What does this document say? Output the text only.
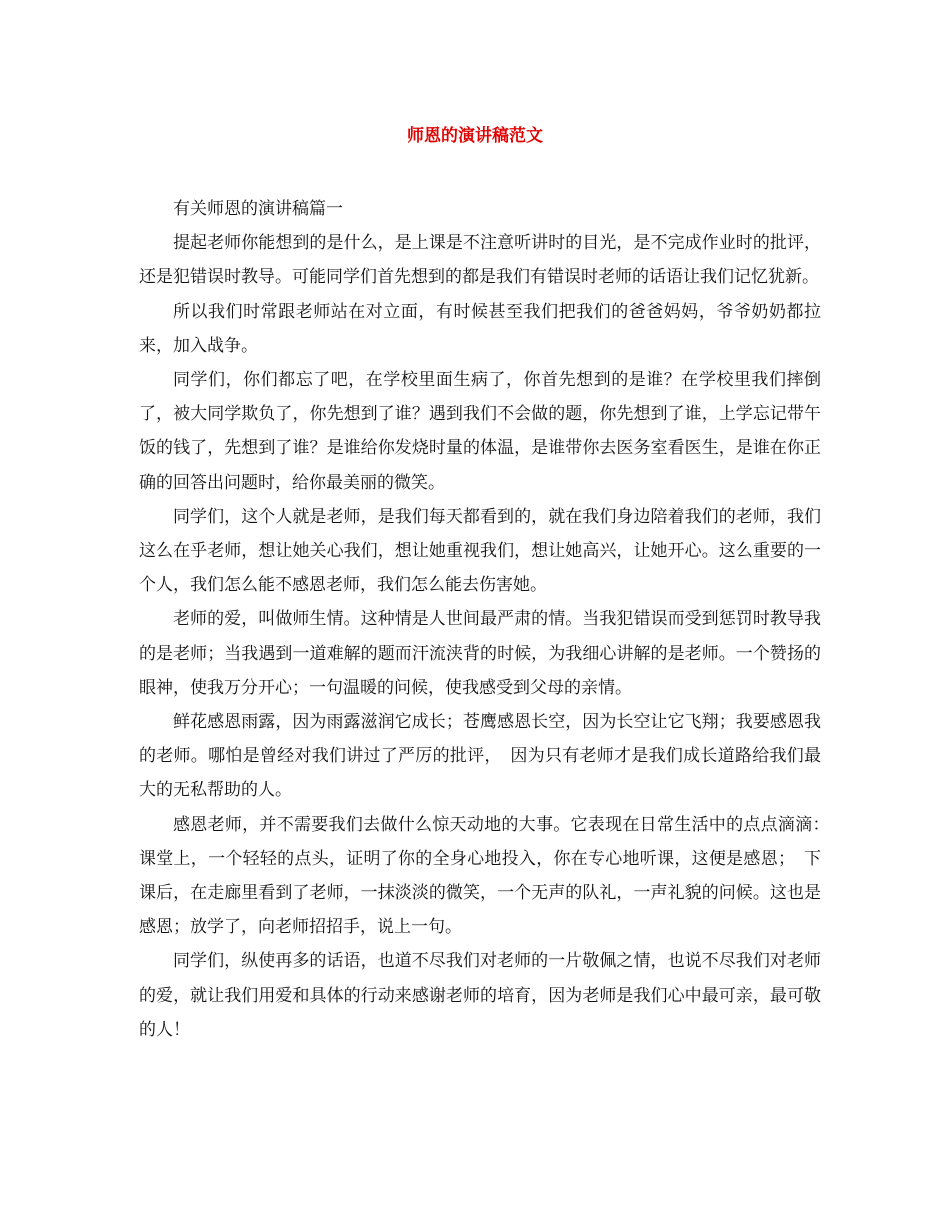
师恩的演讲稿范文

有关师恩的演讲稿篇一

提起老师你能想到的是什么，是上课是不注意听讲时的目光，是不完成作业时的批评，还是犯错误时教导。可能同学们首先想到的都是我们有错误时老师的话语让我们记忆犹新。

所以我们时常跟老师站在对立面，有时候甚至我们把我们的爸爸妈妈，爷爷奶奶都拉来，加入战争。

同学们，你们都忘了吧，在学校里面生病了，你首先想到的是谁？在学校里我们摔倒了，被大同学欺负了，你先想到了谁？遇到我们不会做的题，你先想到了谁，上学忘记带午饭的钱了，先想到了谁？是谁给你发烧时量的体温，是谁带你去医务室看医生，是谁在你正确的回答出问题时，给你最美丽的微笑。

同学们，这个人就是老师，是我们每天都看到的，就在我们身边陪着我们的老师，我们这么在乎老师，想让她关心我们，想让她重视我们，想让她高兴，让她开心。这么重要的一个人，我们怎么能不感恩老师，我们怎么能去伤害她。

老师的爱，叫做师生情。这种情是人世间最严肃的情。当我犯错误而受到惩罚时教导我的是老师；当我遇到一道难解的题而汗流浃背的时候，为我细心讲解的是老师。一个赞扬的眼神，使我万分开心；一句温暖的问候，使我感受到父母的亲情。

鲜花感恩雨露，因为雨露滋润它成长；苍鹰感恩长空，因为长空让它飞翔；我要感恩我的老师。哪怕是曾经对我们讲过了严厉的批评，　因为只有老师才是我们成长道路给我们最大的无私帮助的人。

感恩老师，并不需要我们去做什么惊天动地的大事。它表现在日常生活中的点点滴滴：　课堂上，一个轻轻的点头，证明了你的全身心地投入，你在专心地听课，这便是感恩；　下课后，在走廊里看到了老师，一抹淡淡的微笑，一个无声的队礼，一声礼貌的问候。这也是感恩；放学了，向老师招招手，说上一句。

同学们，纵使再多的话语，也道不尽我们对老师的一片敬佩之情，也说不尽我们对老师的爱，就让我们用爱和具体的行动来感谢老师的培育，因为老师是我们心中最可亲，最可敬的人！
